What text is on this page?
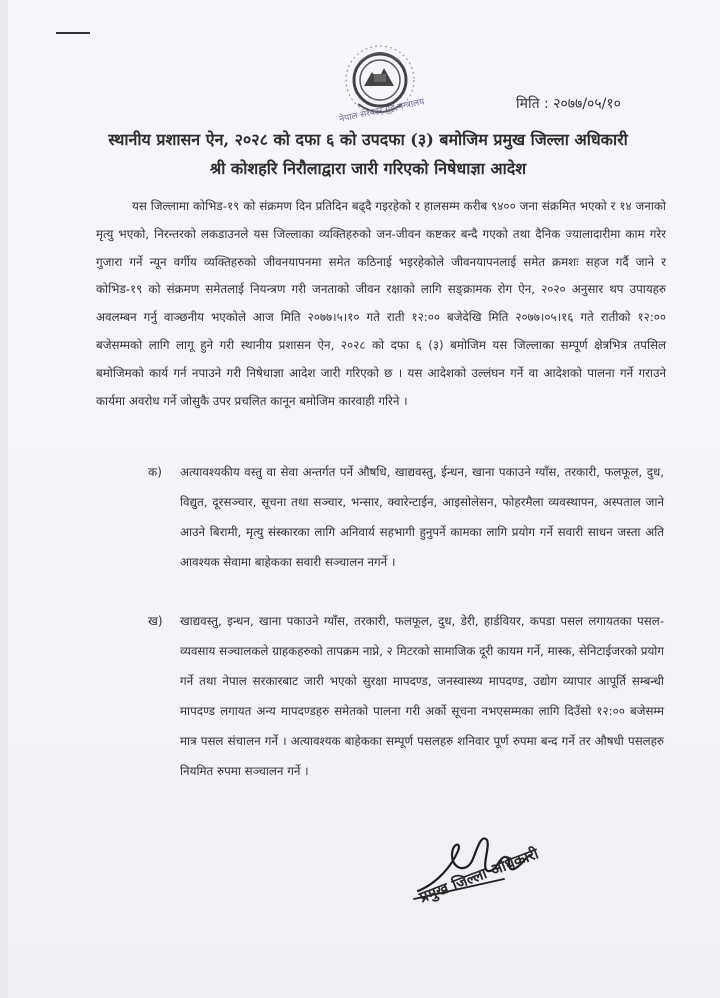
नेपाल सरकार गृह मन्त्रालय	मिति : २०७७/०५/१०
स्थानीय प्रशासन ऐन, २०२८ को दफा ६ को उपदफा (३) बमोजिम प्रमुख जिल्ला अधिकारी श्री कोशहरि निरौलाद्वारा जारी गरिएको निषेधाज्ञा आदेश
यस जिल्लामा कोभिड-१९ को संक्रमण दिन प्रतिदिन बढ्दै गइरहेको र हालसम्म करीब ९४०० जना संक्रमित भएको र १४ जनाको मृत्यु भएको, निरन्तरको लकडाउनले यस जिल्लाका व्यक्तिहरुको जन-जीवन कष्टकर बन्दै गएको तथा दैनिक ज्यालादारीमा काम गरेर गुजारा गर्ने न्यून वर्गीय व्यक्तिहरुको जीवनयापनमा समेत कठिनाई भइरहेकोले जीवनयापनलाई समेत क्रमशः सहज गर्दै जाने र कोभिड-१९ को संक्रमण समेतलाई नियन्त्रण गरी जनताको जीवन रक्षाको लागि सङ्क्रामक रोग ऐन, २०२० अनुसार थप उपायहरु अवलम्बन गर्नु वाञ्छनीय भएकोले आज मिति २०७७।५।१० गते राती १२:०० बजेदेखि मिति २०७७।०५।१६ गते रातीको १२:०० बजेसम्मको लागि लागू हुने गरी स्थानीय प्रशासन ऐन, २०२८ को दफा ६ (३) बमोजिम यस जिल्लाका सम्पूर्ण क्षेत्रभित्र तपसिल बमोजिमको कार्य गर्न नपाउने गरी निषेधाज्ञा आदेश जारी गरिएको छ । यस आदेशको उल्लंघन गर्ने वा आदेशको पालना गर्ने गराउने कार्यमा अवरोध गर्ने जोसुकै उपर प्रचलित कानून बमोजिम कारवाही गरिने ।
क) अत्यावश्यकीय वस्तु वा सेवा अन्तर्गत पर्ने औषधि, खाद्यवस्तु, ईन्धन, खाना पकाउने ग्याँस, तरकारी, फलफूल, दुध, विद्युत, दूरसञ्चार, सूचना तथा सञ्चार, भन्सार, क्वारेन्टाईन, आइसोलेसन, फोहरमैला व्यवस्थापन, अस्पताल जाने आउने बिरामी, मृत्यु संस्कारका लागि अनिवार्य सहभागी हुनुपर्ने कामका लागि प्रयोग गर्ने सवारी साधन जस्ता अति आवश्यक सेवामा बाहेकका सवारी सञ्चालन नगर्ने ।
ख) खाद्यवस्तु, इन्धन, खाना पकाउने ग्याँस, तरकारी, फलफूल, दुध, डेरी, हार्डवियर, कपडा पसल लगायतका पसल-व्यवसाय सञ्चालकले ग्राहकहरुको तापक्रम नाप्ने, २ मिटरको सामाजिक दूरी कायम गर्ने, मास्क, सेनिटाईजरको प्रयोग गर्ने तथा नेपाल सरकारबाट जारी भएको सुरक्षा मापदण्ड, जनस्वास्थ्य मापदण्ड, उद्योग व्यापार आपूर्ति सम्बन्धी मापदण्ड लगायत अन्य मापदण्डहरु समेतको पालना गरी अर्को सूचना नभएसम्मका लागि दिउँसो १२:०० बजेसम्म मात्र पसल संचालन गर्ने । अत्यावश्यक बाहेकका सम्पूर्ण पसलहरु शनिवार पूर्ण रुपमा बन्द गर्ने तर औषधी पसलहरु नियमित रुपमा सञ्चालन गर्ने ।
प्रमुख जिल्ला अधिकारी
